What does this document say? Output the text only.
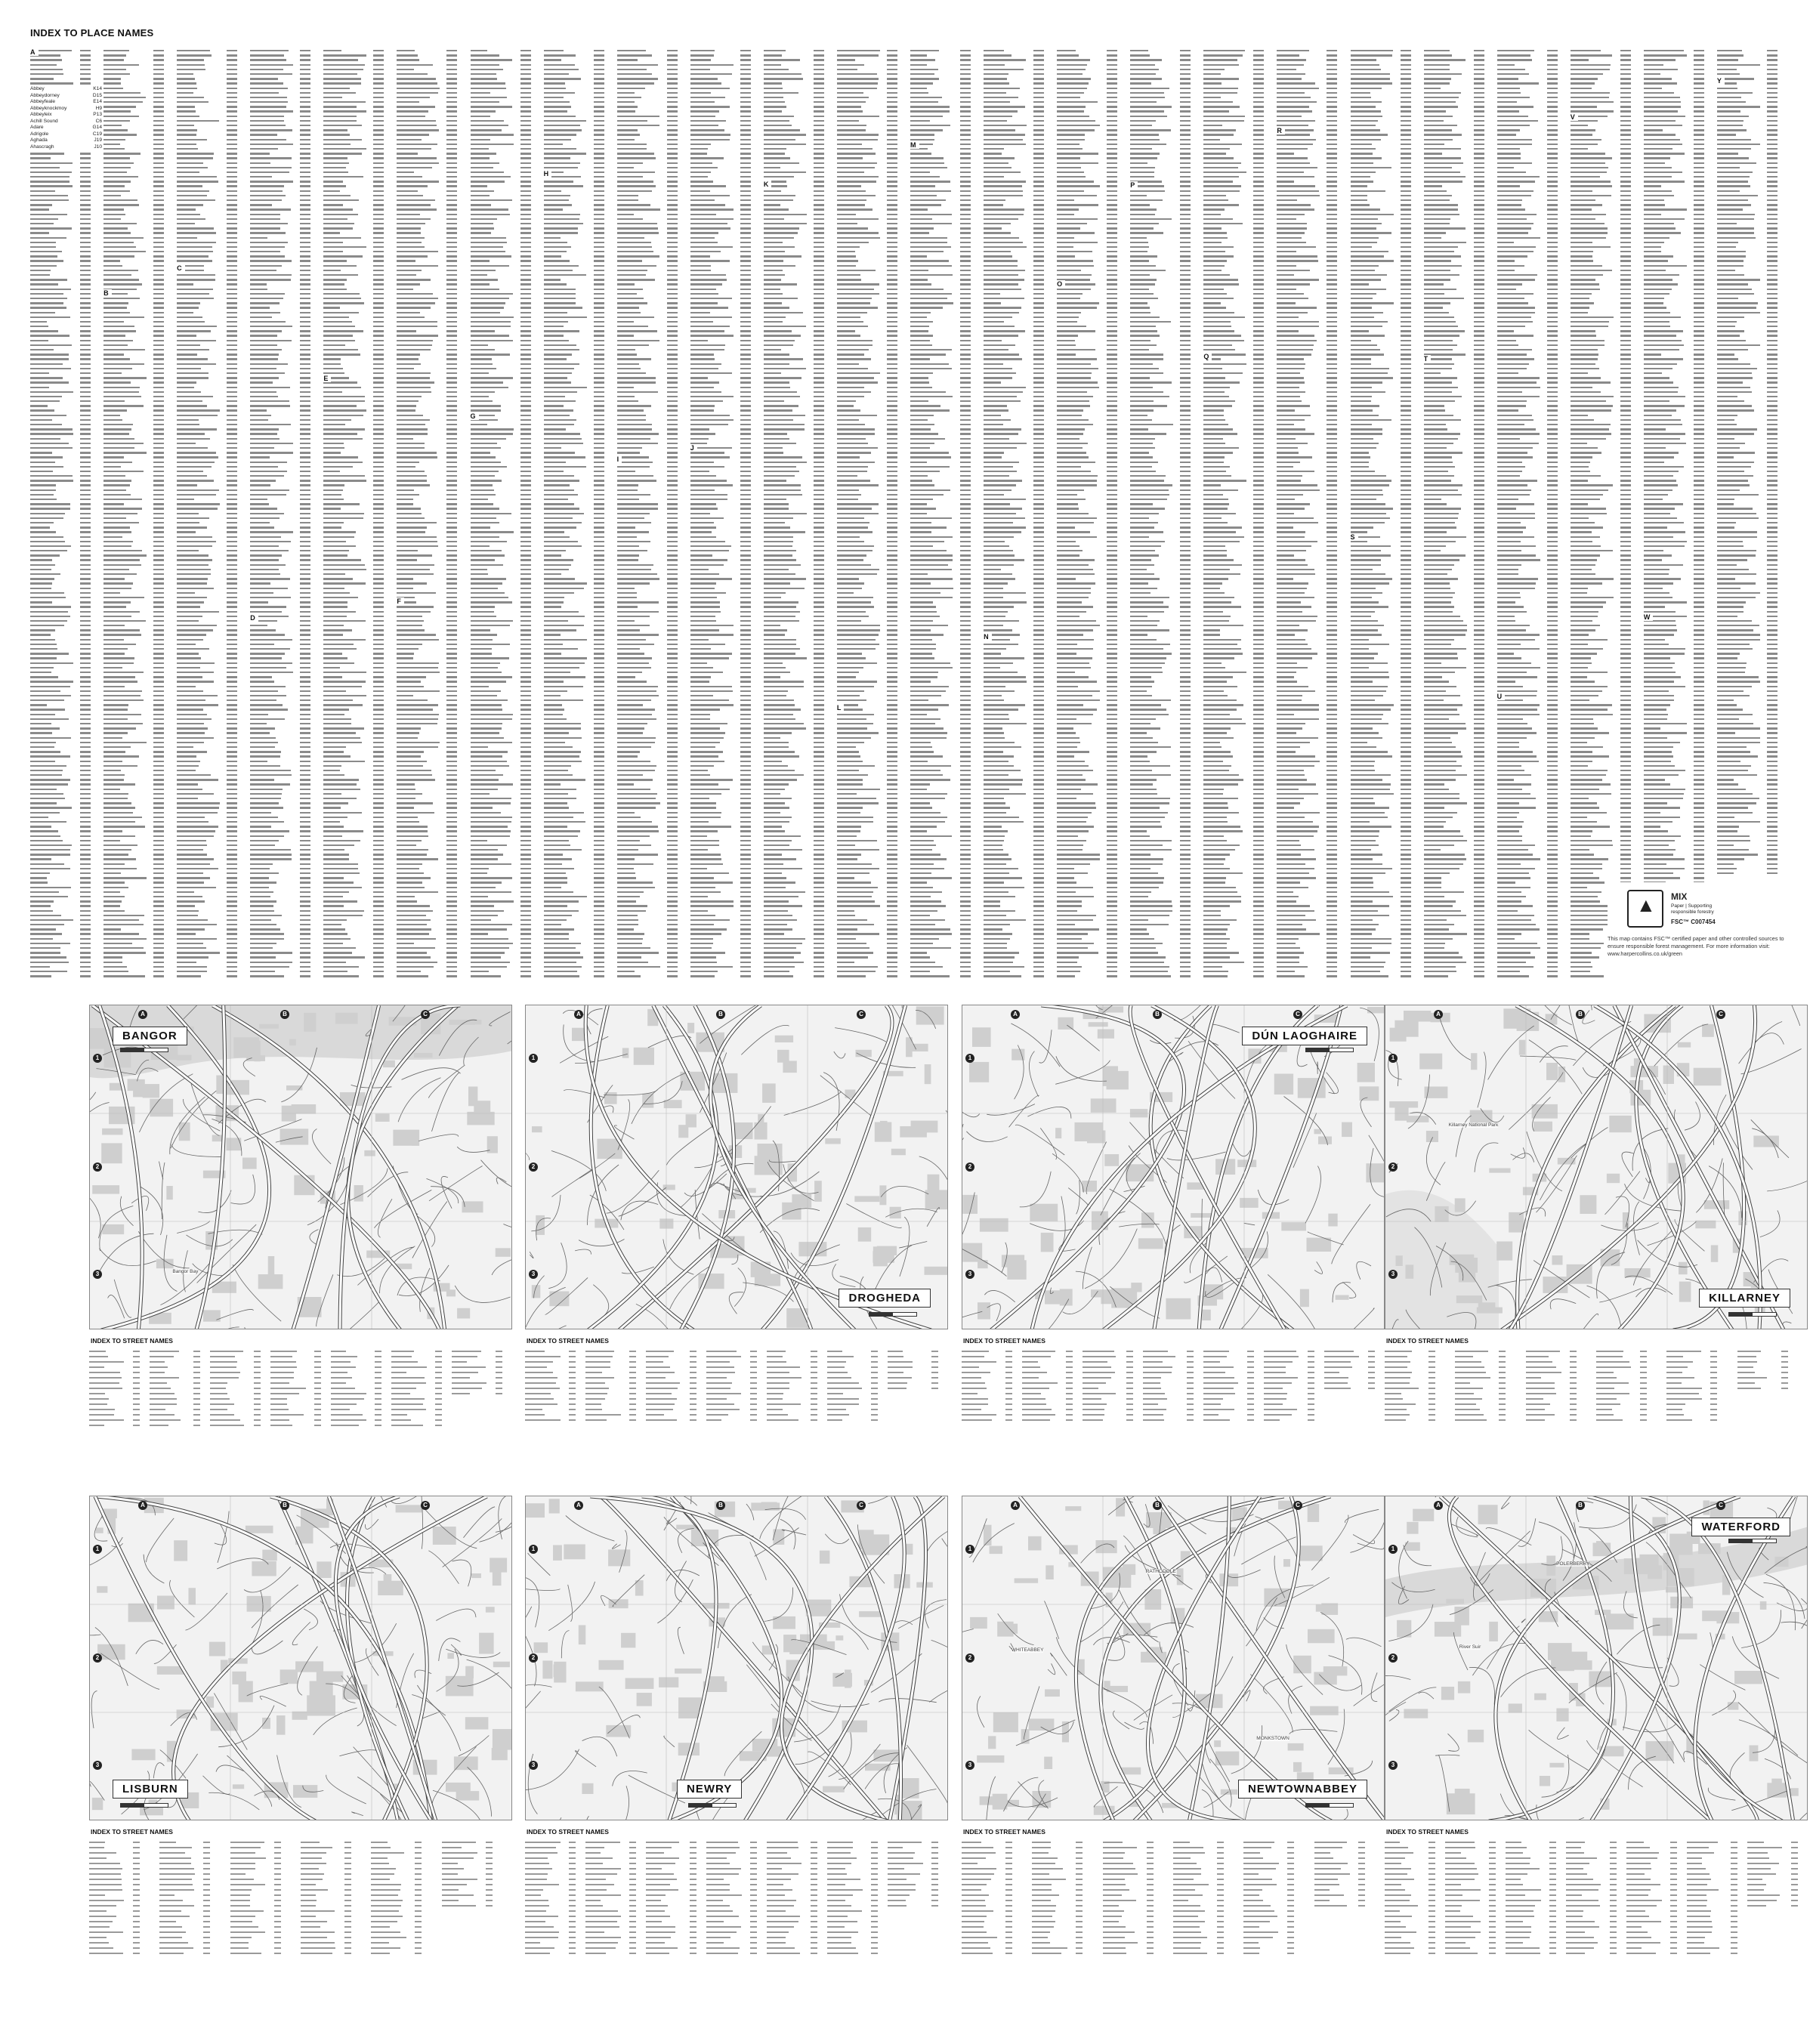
INDEX TO PLACE NAMES
A
Abbey	K14
Abbeydorney	D15
Abbeyfeale	E14
Abbeyknockmoy	H9
Abbeyleix	P13
Achill Sound	C6
Adare	G14
Adrigole	C19
Aghada	J19
Ahascragh	J10
B
C
D
E
F
G
H
I
J
K
L
M
N
O
P
Q
R
S
T
U
V
W
Y
▲ MIX
Paper | Supporting responsible forestry
FSC™ C007454
This map contains FSC™ certified paper and other controlled sources to ensure responsible forest management. For more information visit: www.harpercollins.co.uk/green
A	B	C
1
2
3	Bangor Bay
BANGOR
INDEX TO STREET NAMES
A	B	C
1
2
3
DROGHEDA
INDEX TO STREET NAMES
A	B	C
1
2
3
DÚN LAOGHAIRE
INDEX TO STREET NAMES
A	B	C
1
2
3
Killarney National Park
KILLARNEY
INDEX TO STREET NAMES
A	B	C
1
2
3
LISBURN
INDEX TO STREET NAMES
A	B	C
1
2
3
NEWRY
INDEX TO STREET NAMES
A	B	C
1
2
3
WHITEABBEY
RATHCOOLE
MONKSTOWN
NEWTOWNABBEY
INDEX TO STREET NAMES
A	B	C
1
2
3
River Suir
POLERBERRY
WATERFORD
INDEX TO STREET NAMES
